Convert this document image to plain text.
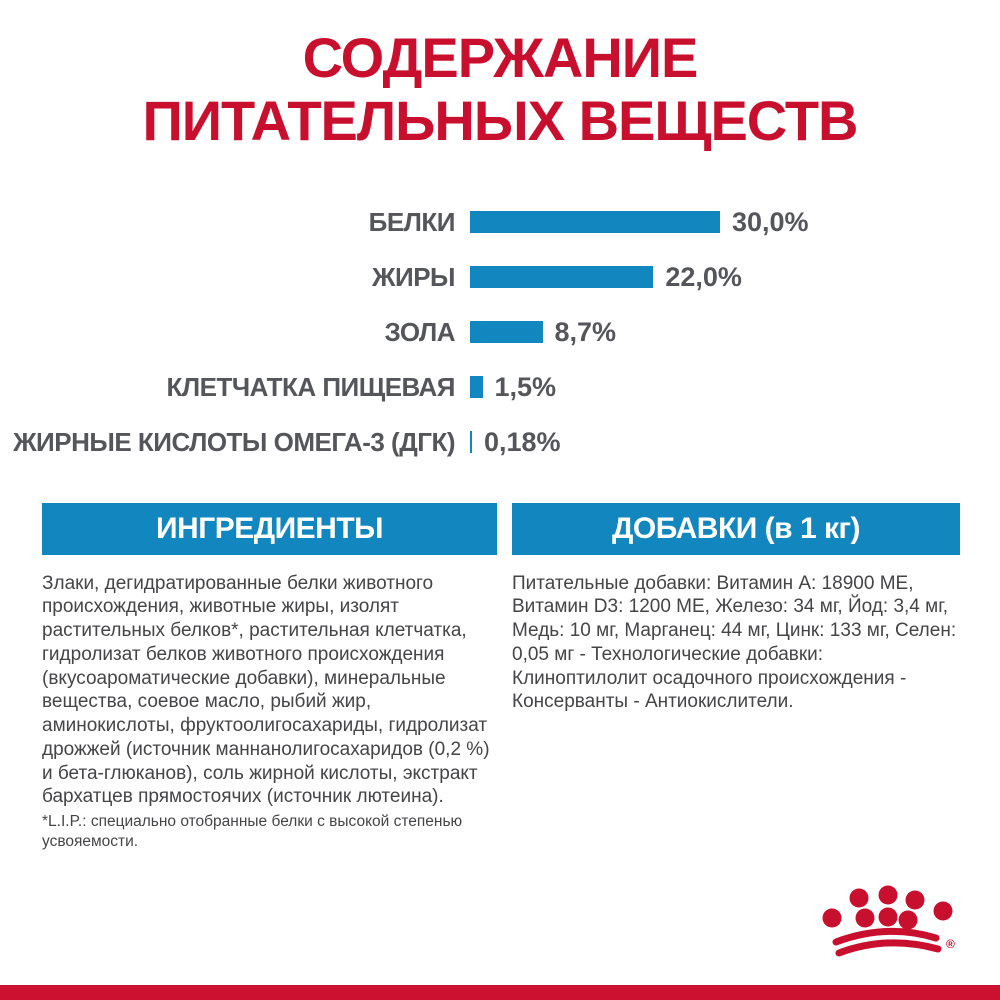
СОДЕРЖАНИЕ
ПИТАТЕЛЬНЫХ ВЕЩЕСТВ
БЕЛКИ	30,0%
ЖИРЫ	22,0%
ЗОЛА	8,7%
КЛЕТЧАТКА ПИЩЕВАЯ	1,5%
ЖИРНЫЕ КИСЛОТЫ ОМЕГА-3 (ДГК)	0,18%
ИНГРЕДИЕНТЫ	ДОБАВКИ (в 1 кг)

Злаки, дегидратированные белки животного происхождения, животные жиры, изолят растительных белков*, растительная клетчатка, гидролизат белков животного происхождения (вкусоароматические добавки), минеральные вещества, соевое масло, рыбий жир, аминокислоты, фруктоолигосахариды, гидролизат дрожжей (источник маннанолигосахаридов (0,2 %) и бета-глюканов), соль жирной кислоты, экстракт бархатцев прямостоячих (источник лютеина).

*L.I.P.: специально отобранные белки с высокой степенью усвояемости.

Питательные добавки: Витамин A: 18900 МЕ, Витамин D3: 1200 МЕ, Железо: 34 мг, Йод: 3,4 мг, Медь: 10 мг, Марганец: 44 мг, Цинк: 133 мг, Селен: 0,05 мг - Технологические добавки: Клиноптилолит осадочного происхождения - Консерванты - Антиокислители.

®
